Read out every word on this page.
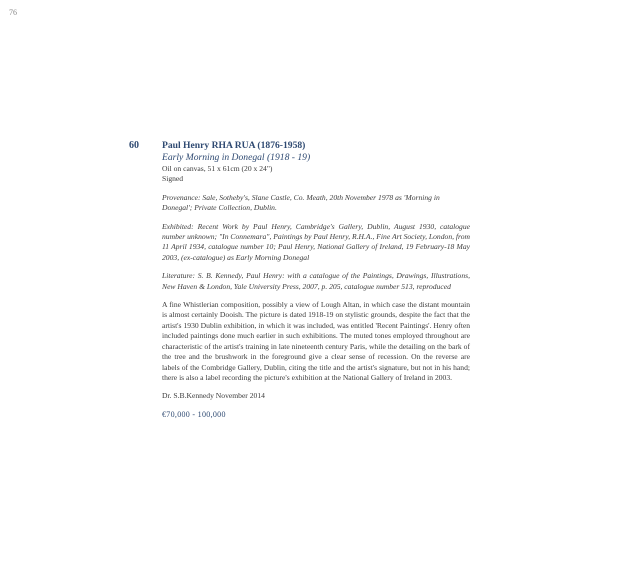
76
60 Paul Henry RHA RUA (1876-1958)
Early Morning in Donegal (1918 - 19)
Oil on canvas, 51 x 61cm (20 x 24")
Signed
Provenance: Sale, Sotheby's, Slane Castle, Co. Meath, 20th November 1978 as 'Morning in Donegal'; Private Collection, Dublin.
Exhibited: Recent Work by Paul Henry, Cambridge's Gallery, Dublin, August 1930, catalogue number unknown; "In Connemara", Paintings by Paul Henry, R.H.A., Fine Art Society, London, from 11 April 1934, catalogue number 10; Paul Henry, National Gallery of Ireland, 19 February-18 May 2003, (ex-catalogue) as Early Morning Donegal
Literature: S. B. Kennedy, Paul Henry: with a catalogue of the Paintings, Drawings, Illustrations, New Haven & London, Yale University Press, 2007, p. 205, catalogue number 513, reproduced
A fine Whistlerian composition, possibly a view of Lough Altan, in which case the distant mountain is almost certainly Dooish. The picture is dated 1918-19 on stylistic grounds, despite the fact that the artist's 1930 Dublin exhibition, in which it was included, was entitled 'Recent Paintings'. Henry often included paintings done much earlier in such exhibitions. The muted tones employed throughout are characteristic of the artist's training in late nineteenth century Paris, while the detailing on the bark of the tree and the brushwork in the foreground give a clear sense of recession. On the reverse are labels of the Combridge Gallery, Dublin, citing the title and the artist's signature, but not in his hand; there is also a label recording the picture's exhibition at the National Gallery of Ireland in 2003.
Dr. S.B.Kennedy November 2014
€70,000 - 100,000
